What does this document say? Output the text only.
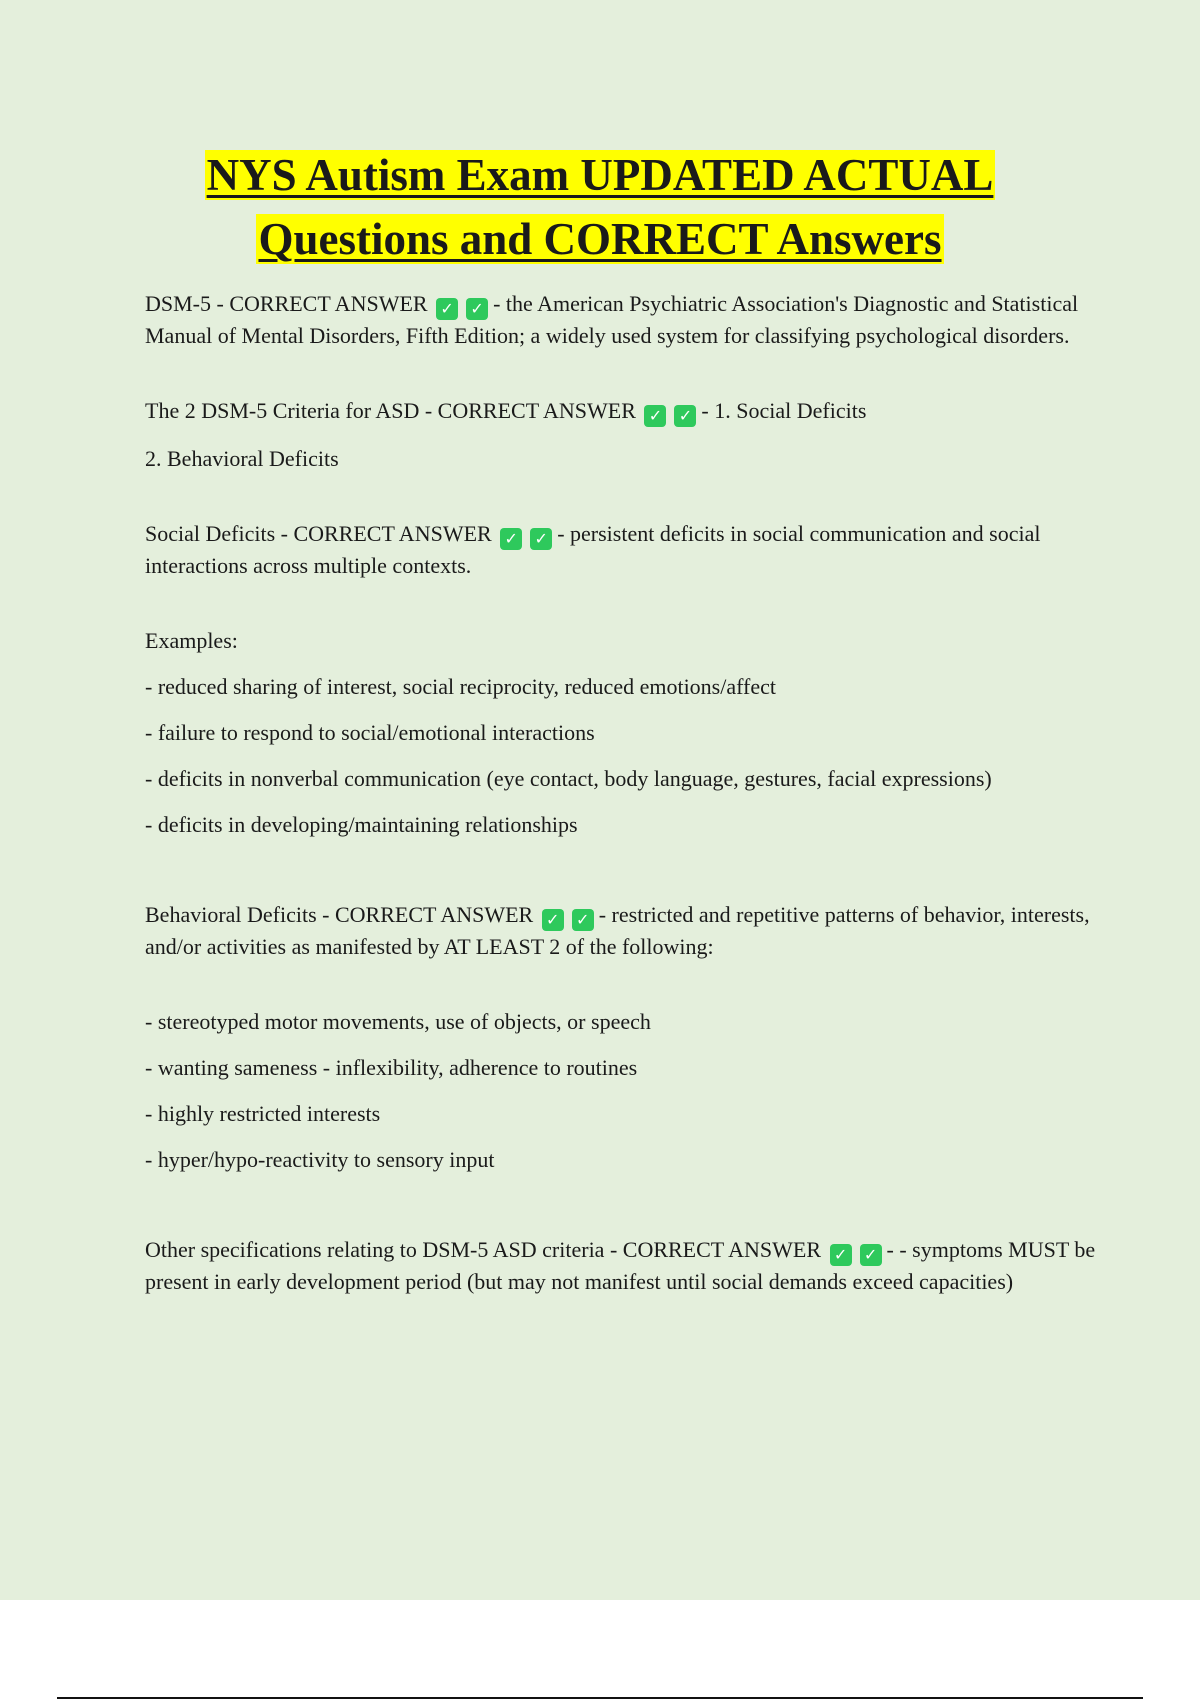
NYS Autism Exam UPDATED ACTUAL
Questions and CORRECT Answers

DSM-5 - CORRECT ANSWER ✓ ✓ - the American Psychiatric Association's Diagnostic and Statistical Manual of Mental Disorders, Fifth Edition; a widely used system for classifying psychological disorders.

The 2 DSM-5 Criteria for ASD - CORRECT ANSWER ✓ ✓ - 1. Social Deficits

2. Behavioral Deficits

Social Deficits - CORRECT ANSWER ✓ ✓ - persistent deficits in social communication and social interactions across multiple contexts.

Examples:

- reduced sharing of interest, social reciprocity, reduced emotions/affect

- failure to respond to social/emotional interactions

- deficits in nonverbal communication (eye contact, body language, gestures, facial expressions)

- deficits in developing/maintaining relationships

Behavioral Deficits - CORRECT ANSWER ✓ ✓ - restricted and repetitive patterns of behavior, interests, and/or activities as manifested by AT LEAST 2 of the following:

- stereotyped motor movements, use of objects, or speech

- wanting sameness - inflexibility, adherence to routines

- highly restricted interests

- hyper/hypo-reactivity to sensory input

Other specifications relating to DSM-5 ASD criteria - CORRECT ANSWER ✓ ✓ - - symptoms MUST be present in early development period (but may not manifest until social demands exceed capacities)
